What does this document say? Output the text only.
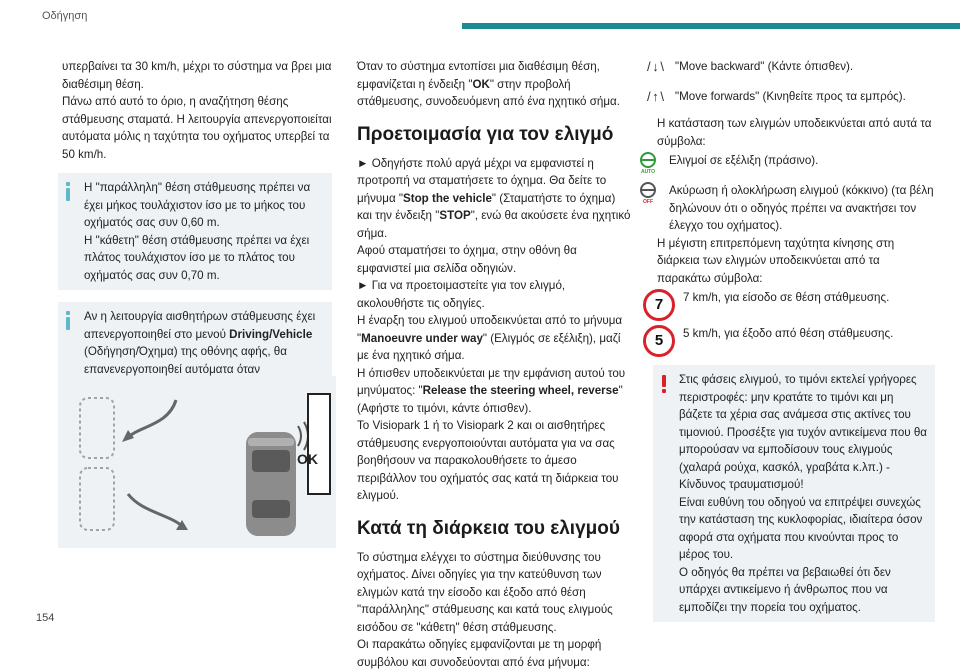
Οδήγηση

υπερβαίνει τα 30 km/h, μέχρι το σύστημα να βρει μια διαθέσιμη θέση.

Πάνω από αυτό το όριο, η αναζήτηση θέσης στάθμευσης σταματά. Η λειτουργία απενεργοποιείται αυτόματα μόλις η ταχύτητα του οχήματος υπερβεί τα 50 km/h.

Η "παράλληλη" θέση στάθμευσης πρέπει να έχει μήκος τουλάχιστον ίσο με το μήκος του οχήματός σας συν 0,60 m.

Η "κάθετη" θέση στάθμευσης πρέπει να έχει πλάτος τουλάχιστον ίσο με το πλάτος του οχήματός σας συν 0,70 m.

Αν η λειτουργία αισθητήρων στάθμευσης έχει απενεργοποιηθεί στο μενού Driving/Vehicle (Οδήγηση/Όχημα) της οθόνης αφής, θα επανενεργοποιηθεί αυτόματα όταν

OK

Όταν το σύστημα εντοπίσει μια διαθέσιμη θέση, εμφανίζεται η ένδειξη "OK" στην προβολή στάθμευσης, συνοδευόμενη από ένα ηχητικό σήμα.

Προετοιμασία για τον ελιγμό

► Οδηγήστε πολύ αργά μέχρι να εμφανιστεί η προτροπή να σταματήσετε το όχημα. Θα δείτε το μήνυμα "Stop the vehicle" (Σταματήστε το όχημα) και την ένδειξη "STOP", ενώ θα ακούσετε ένα ηχητικό σήμα.

Αφού σταματήσει το όχημα, στην οθόνη θα εμφανιστεί μια σελίδα οδηγιών.

► Για να προετοιμαστείτε για τον ελιγμό, ακολουθήστε τις οδηγίες.

Η έναρξη του ελιγμού υποδεικνύεται από το μήνυμα "Manoeuvre under way" (Ελιγμός σε εξέλιξη), μαζί με ένα ηχητικό σήμα.

Η όπισθεν υποδεικνύεται με την εμφάνιση αυτού του μηνύματος: "Release the steering wheel, reverse" (Αφήστε το τιμόνι, κάντε όπισθεν).

Το Visiopark 1 ή το Visiopark 2 και οι αισθητήρες στάθμευσης ενεργοποιούνται αυτόματα για να σας βοηθήσουν να παρακολουθήσετε το άμεσο περιβάλλον του οχήματός σας κατά τη διάρκεια του ελιγμού.

Κατά τη διάρκεια του ελιγμού

Το σύστημα ελέγχει το σύστημα διεύθυνσης του οχήματος. Δίνει οδηγίες για την κατεύθυνση των ελιγμών κατά την είσοδο και έξοδο από θέση "παράλληλης" στάθμευσης και κατά τους ελιγμούς εισόδου σε "κάθετη" θέση στάθμευσης.

Οι παρακάτω οδηγίες εμφανίζονται με τη μορφή συμβόλου και συνοδεύονται από ένα μήνυμα:

/ ↓ \	"Move backward" (Κάντε όπισθεν).

/ ↑ \	"Move forwards" (Κινηθείτε προς τα εμπρός).

Η κατάσταση των ελιγμών υποδεικνύεται από αυτά τα σύμβολα:

AUTO

Ελιγμοί σε εξέλιξη (πράσινο).

OFF

Ακύρωση ή ολοκλήρωση ελιγμού (κόκκινο) (τα βέλη δηλώνουν ότι ο οδηγός πρέπει να ανακτήσει τον έλεγχο του οχήματος).

Η μέγιστη επιτρεπόμενη ταχύτητα κίνησης στη διάρκεια των ελιγμών υποδεικνύεται από τα παρακάτω σύμβολα:

7	7 km/h, για είσοδο σε θέση στάθμευσης.

5	5 km/h, για έξοδο από θέση στάθμευσης.

Στις φάσεις ελιγμού, το τιμόνι εκτελεί γρήγορες περιστροφές: μην κρατάτε το τιμόνι και μη βάζετε τα χέρια σας ανάμεσα στις ακτίνες του τιμονιού. Προσέξτε για τυχόν αντικείμενα που θα μπορούσαν να εμποδίσουν τους ελιγμούς (χαλαρά ρούχα, κασκόλ, γραβάτα κ.λπ.) - Κίνδυνος τραυματισμού!

Είναι ευθύνη του οδηγού να επιτρέψει συνεχώς την κατάσταση της κυκλοφορίας, ιδιαίτερα όσον αφορά στα οχήματα που κινούνται προς το μέρος του.

Ο οδηγός θα πρέπει να βεβαιωθεί ότι δεν υπάρχει αντικείμενο ή άνθρωπος που να εμποδίζει την πορεία του οχήματος.

154
